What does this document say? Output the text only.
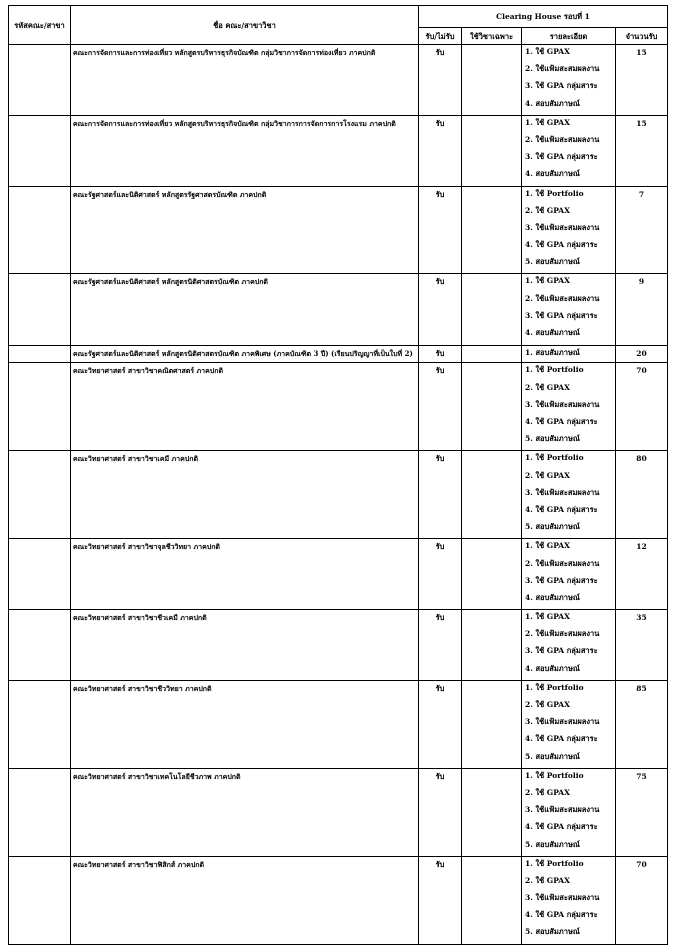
รหัสคณะ/สาขา	ชื่อ คณะ/สาขาวิชา	Clearing House รอบที่ 1			
		รับ/ไม่รับ	ใช้วิชาเฉพาะ	รายละเอียด	จำนวนรับ
	คณะการจัดการและการท่องเที่ยว หลักสูตรบริหารธุรกิจบัณฑิต กลุ่มวิชาการจัดการท่องเที่ยว ภาคปกติ	รับ		1. ใช้ GPAX
2. ใช้แฟ้มสะสมผลงาน
3. ใช้ GPA กลุ่มสาระ
4. สอบสัมภาษณ์	15
	คณะการจัดการและการท่องเที่ยว หลักสูตรบริหารธุรกิจบัณฑิต กลุ่มวิชาการการจัดการการโรงแรม ภาคปกติ	รับ		1. ใช้ GPAX
2. ใช้แฟ้มสะสมผลงาน
3. ใช้ GPA กลุ่มสาระ
4. สอบสัมภาษณ์	15
	คณะรัฐศาสตร์และนิติศาสตร์ หลักสูตรรัฐศาสตรบัณฑิต ภาคปกติ	รับ		1. ใช้ Portfolio
2. ใช้ GPAX
3. ใช้แฟ้มสะสมผลงาน
4. ใช้ GPA กลุ่มสาระ
5. สอบสัมภาษณ์	7
	คณะรัฐศาสตร์และนิติศาสตร์ หลักสูตรนิติศาสตรบัณฑิต ภาคปกติ	รับ		1. ใช้ GPAX
2. ใช้แฟ้มสะสมผลงาน
3. ใช้ GPA กลุ่มสาระ
4. สอบสัมภาษณ์	9
	คณะรัฐศาสตร์และนิติศาสตร์ หลักสูตรนิติศาสตรบัณฑิต ภาคพิเศษ (ภาคบัณฑิต 3 ปี) (เรียนปริญญาที่เป็นใบที่ 2)	รับ		1. สอบสัมภาษณ์	20
	คณะวิทยาศาสตร์ สาขาวิชาคณิตศาสตร์ ภาคปกติ	รับ		1. ใช้ Portfolio
2. ใช้ GPAX
3. ใช้แฟ้มสะสมผลงาน
4. ใช้ GPA กลุ่มสาระ
5. สอบสัมภาษณ์	70
	คณะวิทยาศาสตร์ สาขาวิชาเคมี ภาคปกติ	รับ		1. ใช้ Portfolio
2. ใช้ GPAX
3. ใช้แฟ้มสะสมผลงาน
4. ใช้ GPA กลุ่มสาระ
5. สอบสัมภาษณ์	80
	คณะวิทยาศาสตร์ สาขาวิชาจุลชีววิทยา ภาคปกติ	รับ		1. ใช้ GPAX
2. ใช้แฟ้มสะสมผลงาน
3. ใช้ GPA กลุ่มสาระ
4. สอบสัมภาษณ์	12
	คณะวิทยาศาสตร์ สาขาวิชาชีวเคมี ภาคปกติ	รับ		1. ใช้ GPAX
2. ใช้แฟ้มสะสมผลงาน
3. ใช้ GPA กลุ่มสาระ
4. สอบสัมภาษณ์	35
	คณะวิทยาศาสตร์ สาขาวิชาชีววิทยา ภาคปกติ	รับ		1. ใช้ Portfolio
2. ใช้ GPAX
3. ใช้แฟ้มสะสมผลงาน
4. ใช้ GPA กลุ่มสาระ
5. สอบสัมภาษณ์	85
	คณะวิทยาศาสตร์ สาขาวิชาเทคโนโลยีชีวภาพ ภาคปกติ	รับ		1. ใช้ Portfolio
2. ใช้ GPAX
3. ใช้แฟ้มสะสมผลงาน
4. ใช้ GPA กลุ่มสาระ
5. สอบสัมภาษณ์	75
	คณะวิทยาศาสตร์ สาขาวิชาฟิสิกส์ ภาคปกติ	รับ		1. ใช้ Portfolio
2. ใช้ GPAX
3. ใช้แฟ้มสะสมผลงาน
4. ใช้ GPA กลุ่มสาระ
5. สอบสัมภาษณ์	70
